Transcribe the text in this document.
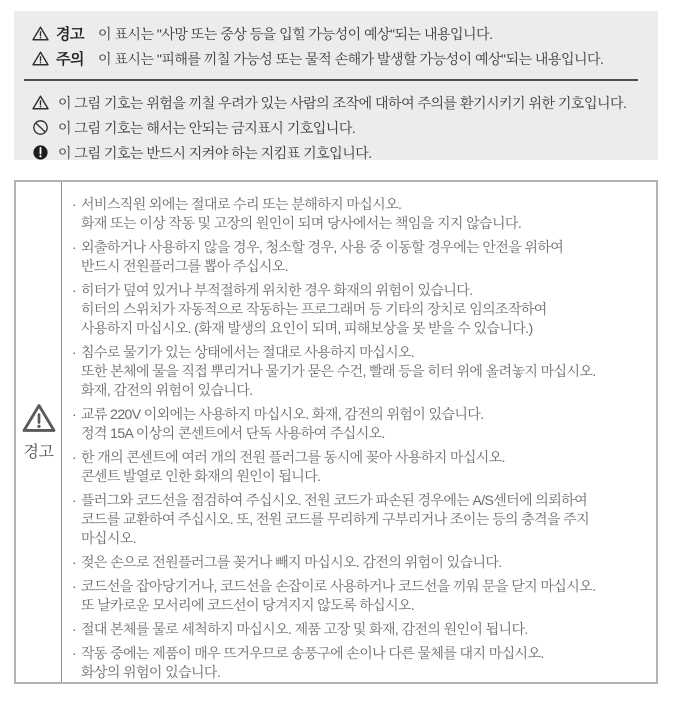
경고 이 표시는 "사망 또는 중상 등을 입힐 가능성이 예상"되는 내용입니다.
주의 이 표시는 "피해를 끼칠 가능성 또는 물적 손해가 발생할 가능성이 예상"되는 내용입니다.
이 그림 기호는 위험을 끼칠 우려가 있는 사람의 조작에 대하여 주의를 환기시키기 위한 기호입니다.
이 그림 기호는 해서는 안되는 금지표시 기호입니다.
이 그림 기호는 반드시 지켜야 하는 지킴표 기호입니다.
경고
· 서비스직원 외에는 절대로 수리 또는 분해하지 마십시오.
화재 또는 이상 작동 및 고장의 원인이 되며 당사에서는 책임을 지지 않습니다.
· 외출하거나 사용하지 않을 경우, 청소할 경우, 사용 중 이동할 경우에는 안전을 위하여
반드시 전원플러그를 뽑아 주십시오.
· 히터가 덮여 있거나 부적절하게 위치한 경우 화재의 위험이 있습니다.
히터의 스위치가 자동적으로 작동하는 프로그래머 등 기타의 장치로 임의조작하여
사용하지 마십시오. (화재 발생의 요인이 되며, 피해보상을 못 받을 수 있습니다.)
· 침수로 물기가 있는 상태에서는 절대로 사용하지 마십시오.
또한 본체에 물을 직접 뿌리거나 물기가 묻은 수건, 빨래 등을 히터 위에 올려놓지 마십시오.
화재, 감전의 위험이 있습니다.
· 교류 220V 이외에는 사용하지 마십시오. 화재, 감전의 위험이 있습니다.
정격 15A 이상의 콘센트에서 단독 사용하여 주십시오.
· 한 개의 콘센트에 여러 개의 전원 플러그를 동시에 꽂아 사용하지 마십시오.
콘센트 발열로 인한 화재의 원인이 됩니다.
· 플러그와 코드선을 점검하여 주십시오. 전원 코드가 파손된 경우에는 A/S센터에 의뢰하여
코드를 교환하여 주십시오. 또, 전원 코드를 무리하게 구부리거나 조이는 등의 충격을 주지
마십시오.
· 젖은 손으로 전원플러그를 꽂거나 빼지 마십시오. 감전의 위험이 있습니다.
· 코드선을 잡아당기거나, 코드선을 손잡이로 사용하거나 코드선을 끼워 문을 닫지 마십시오.
또 날카로운 모서리에 코드선이 당겨지지 않도록 하십시오.
· 절대 본체를 물로 세척하지 마십시오. 제품 고장 및 화재, 감전의 원인이 됩니다.
· 작동 중에는 제품이 매우 뜨거우므로 송풍구에 손이나 다른 물체를 대지 마십시오.
화상의 위험이 있습니다.
